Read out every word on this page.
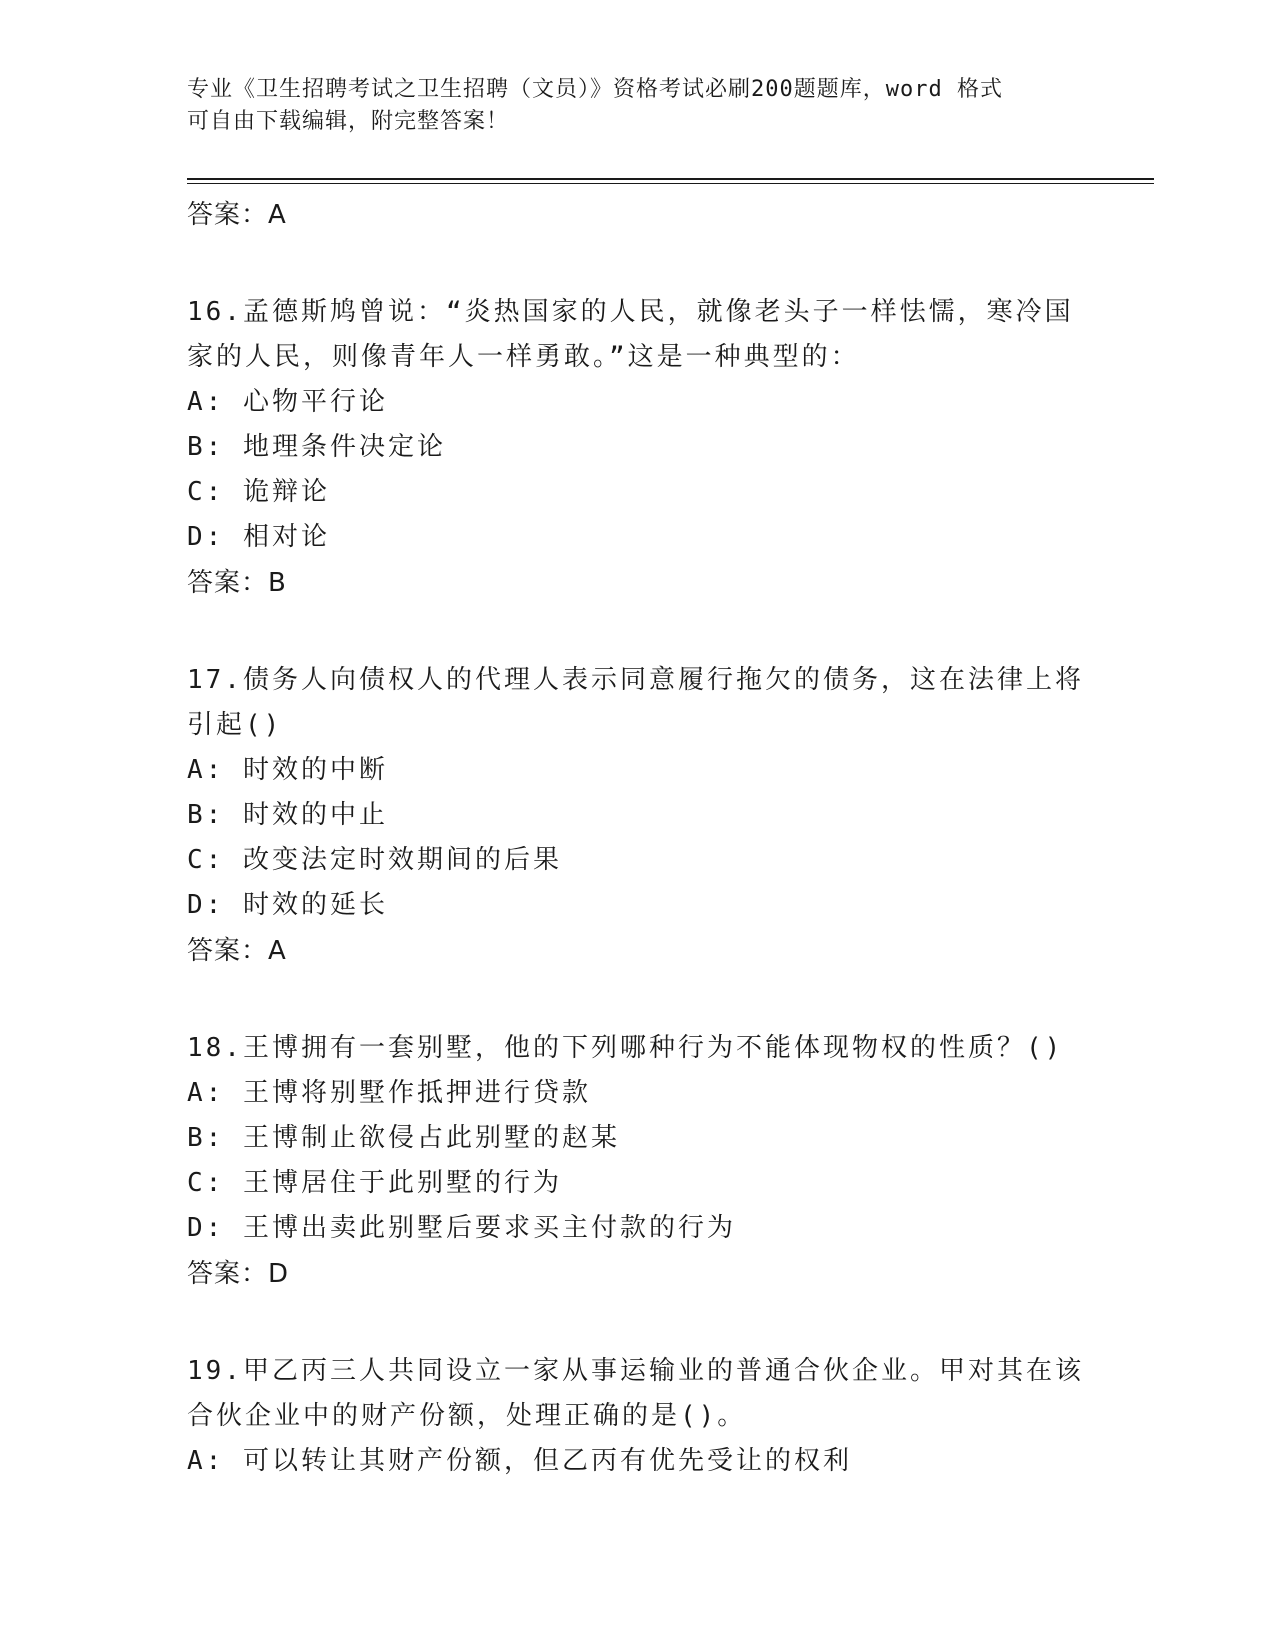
专业《卫生招聘考试之卫生招聘（文员）》资格考试必刷200题题库，word 格式
可自由下载编辑，附完整答案！

答案：A

16.孟德斯鸠曾说：“炎热国家的人民，就像老头子一样怯懦，寒冷国

家的人民，则像青年人一样勇敢。”这是一种典型的：

A: 心物平行论

B: 地理条件决定论

C: 诡辩论

D: 相对论

答案：B

17.债务人向债权人的代理人表示同意履行拖欠的债务，这在法律上将

引起()

A: 时效的中断

B: 时效的中止

C: 改变法定时效期间的后果

D: 时效的延长

答案：A

18.王博拥有一套别墅，他的下列哪种行为不能体现物权的性质？()

A: 王博将别墅作抵押进行贷款

B: 王博制止欲侵占此别墅的赵某

C: 王博居住于此别墅的行为

D: 王博出卖此别墅后要求买主付款的行为

答案：D

19.甲乙丙三人共同设立一家从事运输业的普通合伙企业。甲对其在该

合伙企业中的财产份额，处理正确的是()。

A: 可以转让其财产份额，但乙丙有优先受让的权利
